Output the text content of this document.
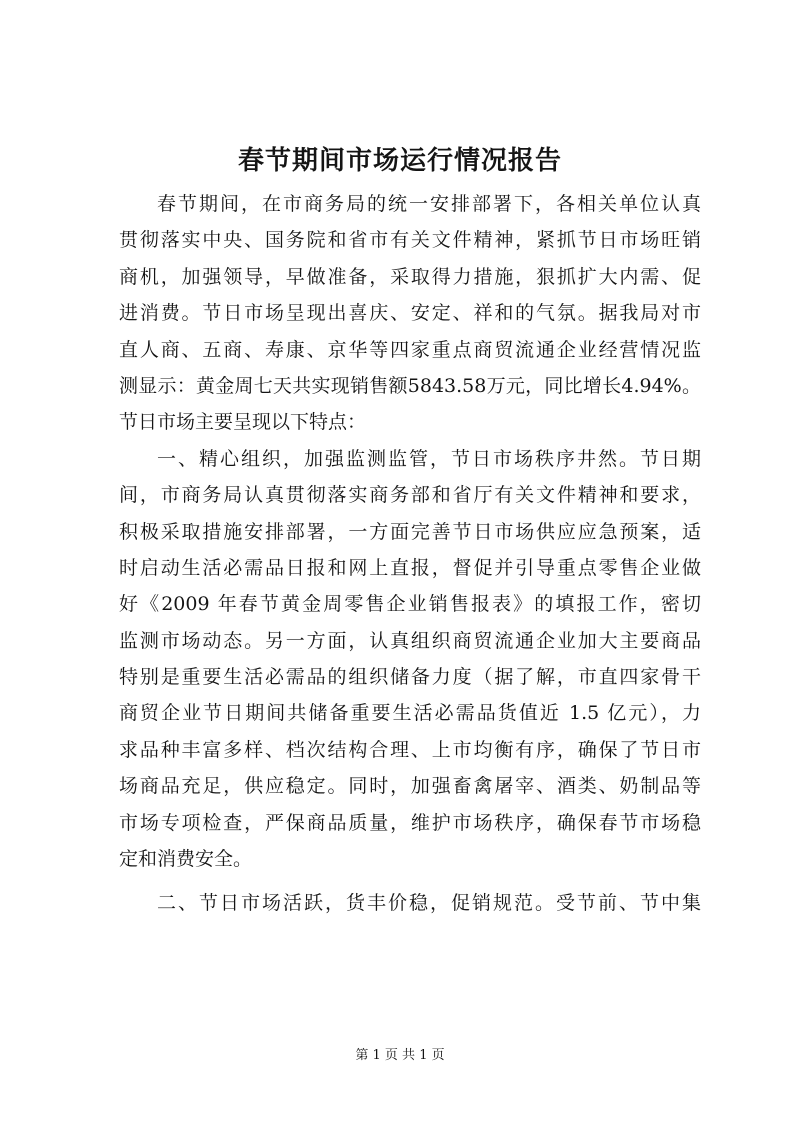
春节期间市场运行情况报告
春节期间，在市商务局的统一安排部署下，各相关单位认真
贯彻落实中央、国务院和省市有关文件精神，紧抓节日市场旺销
商机，加强领导，早做准备，采取得力措施，狠抓扩大内需、促
进消费。节日市场呈现出喜庆、安定、祥和的气氛。据我局对市
直人商、五商、寿康、京华等四家重点商贸流通企业经营情况监
测显示：黄金周七天共实现销售额5843.58万元，同比增长4.94%。
节日市场主要呈现以下特点：
一、精心组织，加强监测监管，节日市场秩序井然。节日期
间，市商务局认真贯彻落实商务部和省厅有关文件精神和要求，
积极采取措施安排部署，一方面完善节日市场供应应急预案，适
时启动生活必需品日报和网上直报，督促并引导重点零售企业做
好《2009 年春节黄金周零售企业销售报表》的填报工作，密切
监测市场动态。另一方面，认真组织商贸流通企业加大主要商品
特别是重要生活必需品的组织储备力度（据了解，市直四家骨干
商贸企业节日期间共储备重要生活必需品货值近 1.5 亿元），力
求品种丰富多样、档次结构合理、上市均衡有序，确保了节日市
场商品充足，供应稳定。同时，加强畜禽屠宰、酒类、奶制品等
市场专项检查，严保商品质量，维护市场秩序，确保春节市场稳
定和消费安全。
二、节日市场活跃，货丰价稳，促销规范。受节前、节中集
第 1 页 共 1 页
